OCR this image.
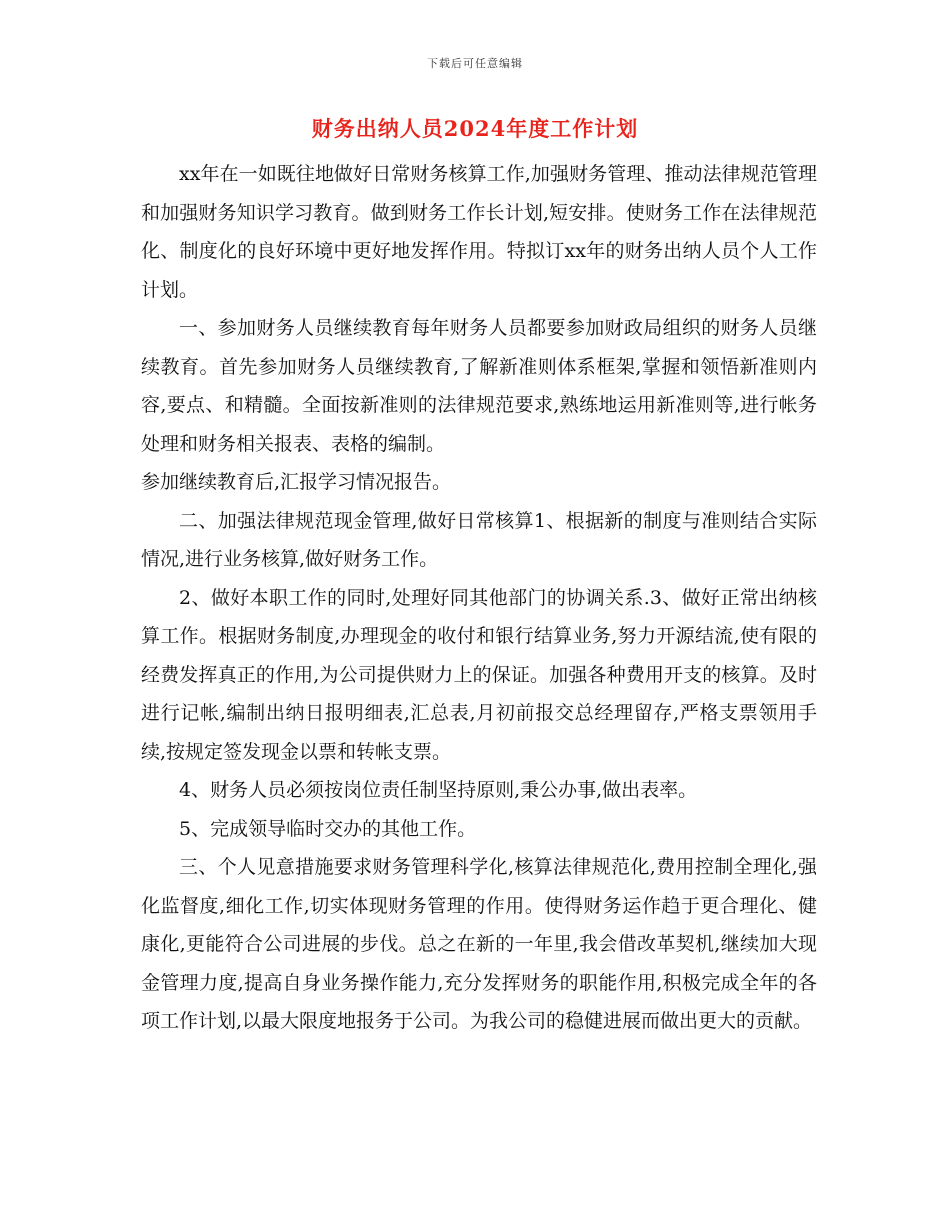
下载后可任意编辑
财务出纳人员2024年度工作计划

xx年在一如既往地做好日常财务核算工作,加强财务管理、推动法律规范管理和加强财务知识学习教育。做到财务工作长计划,短安排。使财务工作在法律规范化、制度化的良好环境中更好地发挥作用。特拟订xx年的财务出纳人员个人工作计划。

一、参加财务人员继续教育每年财务人员都要参加财政局组织的财务人员继续教育。首先参加财务人员继续教育,了解新准则体系框架,掌握和领悟新准则内容,要点、和精髓。全面按新准则的法律规范要求,熟练地运用新准则等,进行帐务处理和财务相关报表、表格的编制。

参加继续教育后,汇报学习情况报告。

二、加强法律规范现金管理,做好日常核算1、根据新的制度与准则结合实际情况,进行业务核算,做好财务工作。

2、做好本职工作的同时,处理好同其他部门的协调关系.3、做好正常出纳核算工作。根据财务制度,办理现金的收付和银行结算业务,努力开源结流,使有限的经费发挥真正的作用,为公司提供财力上的保证。加强各种费用开支的核算。及时进行记帐,编制出纳日报明细表,汇总表,月初前报交总经理留存,严格支票领用手续,按规定签发现金以票和转帐支票。

4、财务人员必须按岗位责任制坚持原则,秉公办事,做出表率。

5、完成领导临时交办的其他工作。

三、个人见意措施要求财务管理科学化,核算法律规范化,费用控制全理化,强化监督度,细化工作,切实体现财务管理的作用。使得财务运作趋于更合理化、健康化,更能符合公司进展的步伐。总之在新的一年里,我会借改革契机,继续加大现金管理力度,提高自身业务操作能力,充分发挥财务的职能作用,积极完成全年的各项工作计划,以最大限度地报务于公司。为我公司的稳健进展而做出更大的贡献。
